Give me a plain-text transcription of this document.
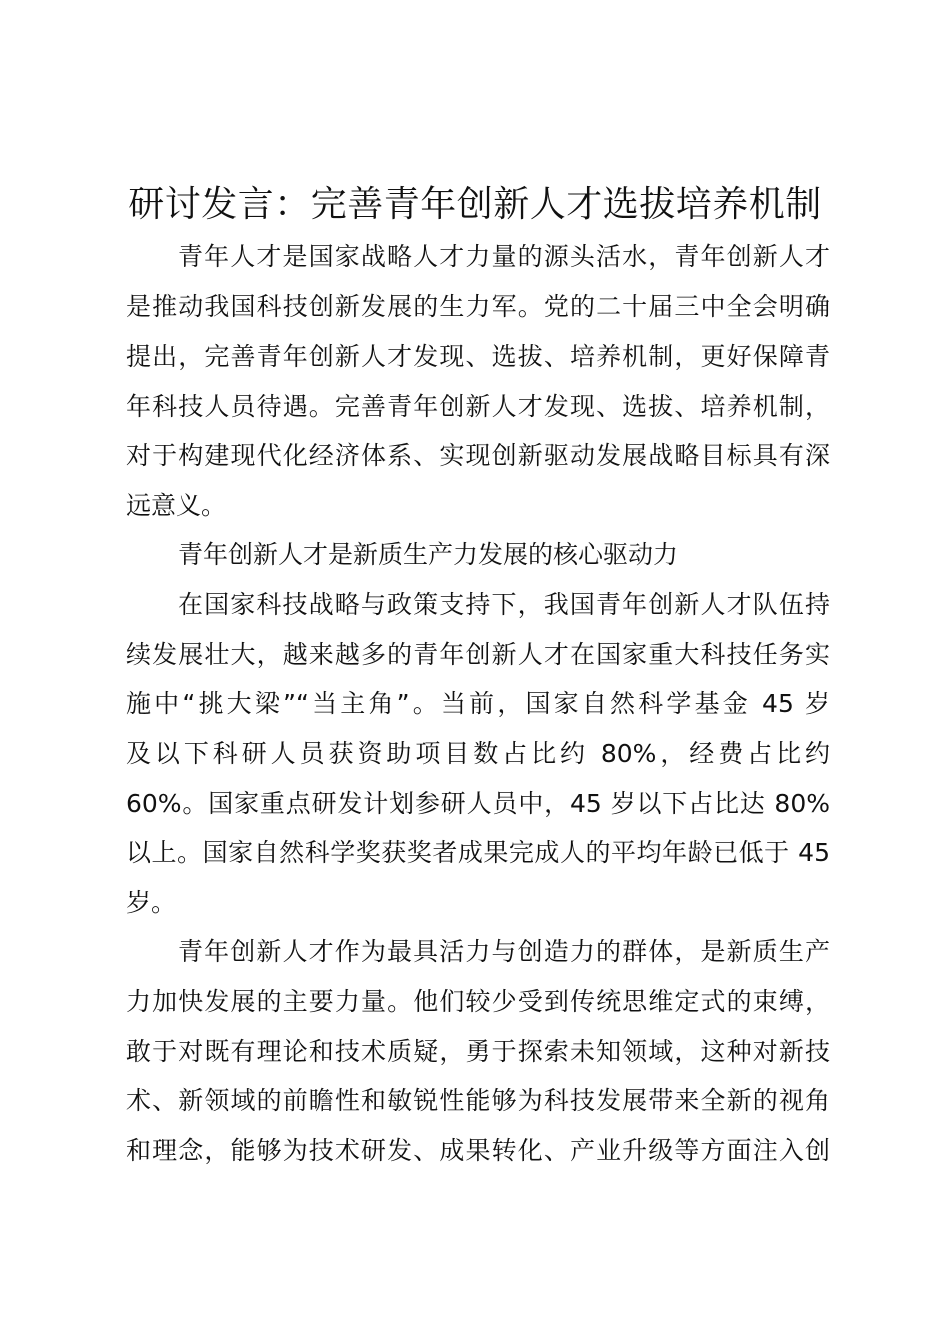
研讨发言：完善青年创新人才选拔培养机制
青年人才是国家战略人才力量的源头活水，青年创新人才
是推动我国科技创新发展的生力军。党的二十届三中全会明确
提出，完善青年创新人才发现、选拔、培养机制，更好保障青
年科技人员待遇。完善青年创新人才发现、选拔、培养机制，
对于构建现代化经济体系、实现创新驱动发展战略目标具有深
远意义。
青年创新人才是新质生产力发展的核心驱动力
在国家科技战略与政策支持下，我国青年创新人才队伍持
续发展壮大，越来越多的青年创新人才在国家重大科技任务实
施中“挑大梁”“当主角”。当前，国家自然科学基金 45 岁
及以下科研人员获资助项目数占比约 80%，经费占比约
60%。国家重点研发计划参研人员中，45 岁以下占比达 80%
以上。国家自然科学奖获奖者成果完成人的平均年龄已低于 45
岁。
青年创新人才作为最具活力与创造力的群体，是新质生产
力加快发展的主要力量。他们较少受到传统思维定式的束缚，
敢于对既有理论和技术质疑，勇于探索未知领域，这种对新技
术、新领域的前瞻性和敏锐性能够为科技发展带来全新的视角
和理念，能够为技术研发、成果转化、产业升级等方面注入创
